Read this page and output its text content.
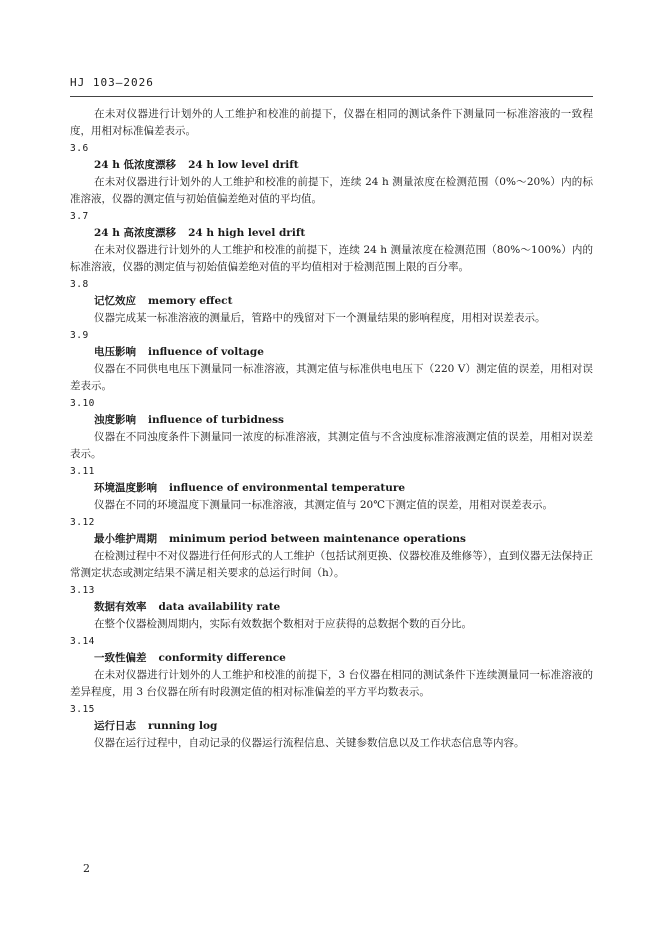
HJ 103—2026

在未对仪器进行计划外的人工维护和校准的前提下，仪器在相同的测试条件下测量同一标准溶液的一致程度，用相对标准偏差表示。

3.6
24 h 低浓度漂移 24 h low level drift

在未对仪器进行计划外的人工维护和校准的前提下，连续 24 h 测量浓度在检测范围（0%～20%）内的标准溶液，仪器的测定值与初始值偏差绝对值的平均值。

3.7
24 h 高浓度漂移 24 h high level drift

在未对仪器进行计划外的人工维护和校准的前提下，连续 24 h 测量浓度在检测范围（80%～100%）内的标准溶液，仪器的测定值与初始值偏差绝对值的平均值相对于检测范围上限的百分率。

3.8
记忆效应 memory effect

仪器完成某一标准溶液的测量后，管路中的残留对下一个测量结果的影响程度，用相对误差表示。

3.9
电压影响 influence of voltage

仪器在不同供电电压下测量同一标准溶液，其测定值与标准供电电压下（220 V）测定值的误差，用相对误差表示。

3.10
浊度影响 influence of turbidness

仪器在不同浊度条件下测量同一浓度的标准溶液，其测定值与不含浊度标准溶液测定值的误差，用相对误差表示。

3.11
环境温度影响 influence of environmental temperature

仪器在不同的环境温度下测量同一标准溶液，其测定值与 20℃下测定值的误差，用相对误差表示。

3.12
最小维护周期 minimum period between maintenance operations

在检测过程中不对仪器进行任何形式的人工维护（包括试剂更换、仪器校准及维修等），直到仪器无法保持正常测定状态或测定结果不满足相关要求的总运行时间（h）。

3.13
数据有效率 data availability rate

在整个仪器检测周期内，实际有效数据个数相对于应获得的总数据个数的百分比。

3.14
一致性偏差 conformity difference

在未对仪器进行计划外的人工维护和校准的前提下，3 台仪器在相同的测试条件下连续测量同一标准溶液的差异程度，用 3 台仪器在所有时段测定值的相对标准偏差的平方平均数表示。

3.15
运行日志 running log

仪器在运行过程中，自动记录的仪器运行流程信息、关键参数信息以及工作状态信息等内容。

2
